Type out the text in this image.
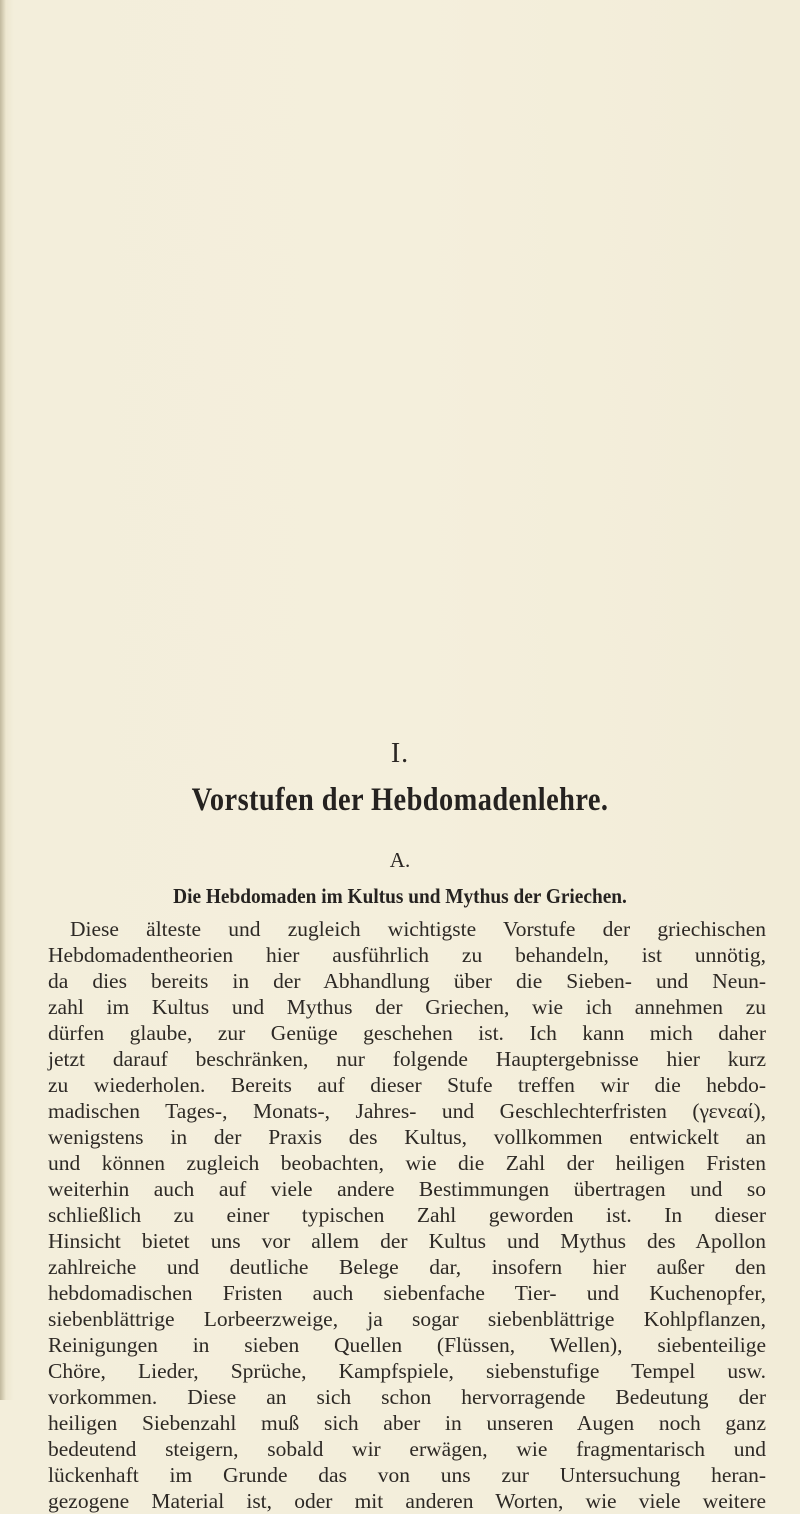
I.
Vorstufen der Hebdomadenlehre.
A.
Die Hebdomaden im Kultus und Mythus der Griechen.
Diese älteste und zugleich wichtigste Vorstufe der griechischen
Hebdomadentheorien hier ausführlich zu behandeln, ist unnötig,
da dies bereits in der Abhandlung über die Sieben- und Neun-
zahl im Kultus und Mythus der Griechen, wie ich annehmen zu
dürfen glaube, zur Genüge geschehen ist. Ich kann mich daher
jetzt darauf beschränken, nur folgende Hauptergebnisse hier kurz
zu wiederholen. Bereits auf dieser Stufe treffen wir die hebdo-
madischen Tages-, Monats-, Jahres- und Geschlechterfristen (γενεαί),
wenigstens in der Praxis des Kultus, vollkommen entwickelt an
und können zugleich beobachten, wie die Zahl der heiligen Fristen
weiterhin auch auf viele andere Bestimmungen übertragen und so
schließlich zu einer typischen Zahl geworden ist. In dieser
Hinsicht bietet uns vor allem der Kultus und Mythus des Apollon
zahlreiche und deutliche Belege dar, insofern hier außer den
hebdomadischen Fristen auch siebenfache Tier- und Kuchenopfer,
siebenblättrige Lorbeerzweige, ja sogar siebenblättrige Kohlpflanzen,
Reinigungen in sieben Quellen (Flüssen, Wellen), siebenteilige
Chöre, Lieder, Sprüche, Kampfspiele, siebenstufige Tempel usw.
vorkommen. Diese an sich schon hervorragende Bedeutung der
heiligen Siebenzahl muß sich aber in unseren Augen noch ganz
bedeutend steigern, sobald wir erwägen, wie fragmentarisch und
lückenhaft im Grunde das von uns zur Untersuchung heran-
gezogene Material ist, oder mit anderen Worten, wie viele weitere
